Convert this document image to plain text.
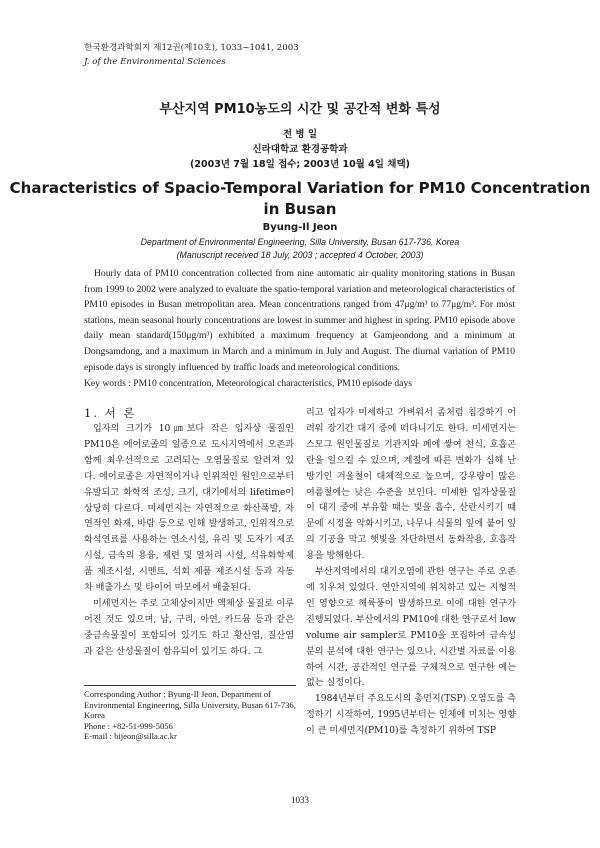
한국환경과학회지 제12권(제10호), 1033~1041, 2003
J. of the Environmental Sciences
부산지역 PM10농도의 시간 및 공간적 변화 특성
전 병 일
신라대학교 환경공학과
(2003년 7월 18일 접수; 2003년 10월 4일 채택)
Characteristics of Spacio-Temporal Variation for PM10 Concentration in Busan
Byung-Il Jeon
Department of Environmental Engineering, Silla University, Busan 617-736, Korea
(Manuscript received 18 July, 2003 ; accepted 4 October, 2003)
Hourly data of PM10 concentration collected from nine automatic air quality monitoring stations in Busan from 1999 to 2002 were analyzed to evaluate the spatio-temporal variation and meteorological characteristics of PM10 episodes in Busan metropolitan area. Mean concentrations ranged from 47μg/m³ to 77μg/m³. For most stations, mean seasonal hourly concentrations are lowest in summer and highest in spring. PM10 episode above daily mean standard(150μg/m³) exhibited a maximum frequency at Gamjeondong and a minimum at Dongsamdong, and a maximum in March and a minimum in July and August. The diurnal variation of PM10 episode days is strongly influenced by traffic loads and meteorological conditions.
Key words : PM10 concentration, Meteorological characteristics, PM10 episode days
1. 서 론

입자의 크기가 10㎛보다 작은 입자상 물질인 PM10은 에어로졸의 일종으로 도시지역에서 오존과 함께 최우선적으로 고려되는 오염물질로 알려져 있다. 에어로졸은 자연적이거나 인위적인 원인으로부터 유발되고 화학적 조성, 크기, 대기에서의 lifetime이 상당히 다르다. 미세먼지는 자연적으로 화산폭발, 자연적인 화재, 바람 등으로 인해 발생하고, 인위적으로 화석연료를 사용하는 연소시설, 유리 및 도자기 제조시설, 금속의 용융, 제련 및 열처리 시설, 석유화학제품 제조시설, 시멘트, 석회 제품 제조시설 등과 자동차 배출가스 및 타이어 마모에서 배출된다.

미세먼지는 주로 고체상이지만 액체상 물질로 이루어진 것도 있으며, 납, 구리, 아연, 카드뮴 등과 같은 중금속물질이 포함되어 있기도 하고 황산염, 질산염과 같은 산성물질이 함유되어 있기도 하다. 그

Corresponding Author : Byung-Il Jeon, Department of Environmental Engineering, Silla University, Busan 617-736, Korea
Phone : +82-51-999-5056
E-mail : bijeon@silla.ac.kr

리고 입자가 미세하고 가벼워서 좀처럼 침강하기 어려워 장기간 대기 중에 떠다니기도 한다. 미세먼지는 스모그 원인물질로 기관지와 폐에 쌓여 천식, 호흡곤란을 일으킬 수 있으며, 계절에 따른 변화가 심해 난방기인 겨울철이 대체적으로 높으며, 강우량이 많은 여름철에는 낮은 수준을 보인다. 미세한 입자상물질이 대기 중에 부유할 때는 빛을 흡수, 산란시키기 때문에 시정을 악화시키고, 나무나 식물의 잎에 붙어 잎의 기공을 막고 햇빛을 차단하면서 동화작용, 호흡작용을 방해한다.

부산지역에서의 대기오염에 관한 연구는 주로 오존에 치우쳐 있었다. 연안지역에 위치하고 있는 지형적인 영향으로 해륙풍이 발생하므로 이에 대한 연구가 진행되었다. 부산에서의 PM10에 대한 연구로서 low volume air sampler로 PM10을 포집하여 금속성분의 분석에 대한 연구는 있으나, 시간별 자료를 이용하여 시간, 공간적인 연구를 구체적으로 연구한 예는 없는 실정이다.

1984년부터 주요도시의 총먼지(TSP) 오염도를 측정하기 시작하여, 1995년부터는 인체에 미치는 영향이 큰 미세먼지(PM10)를 측정하기 위하여 TSP

1033
